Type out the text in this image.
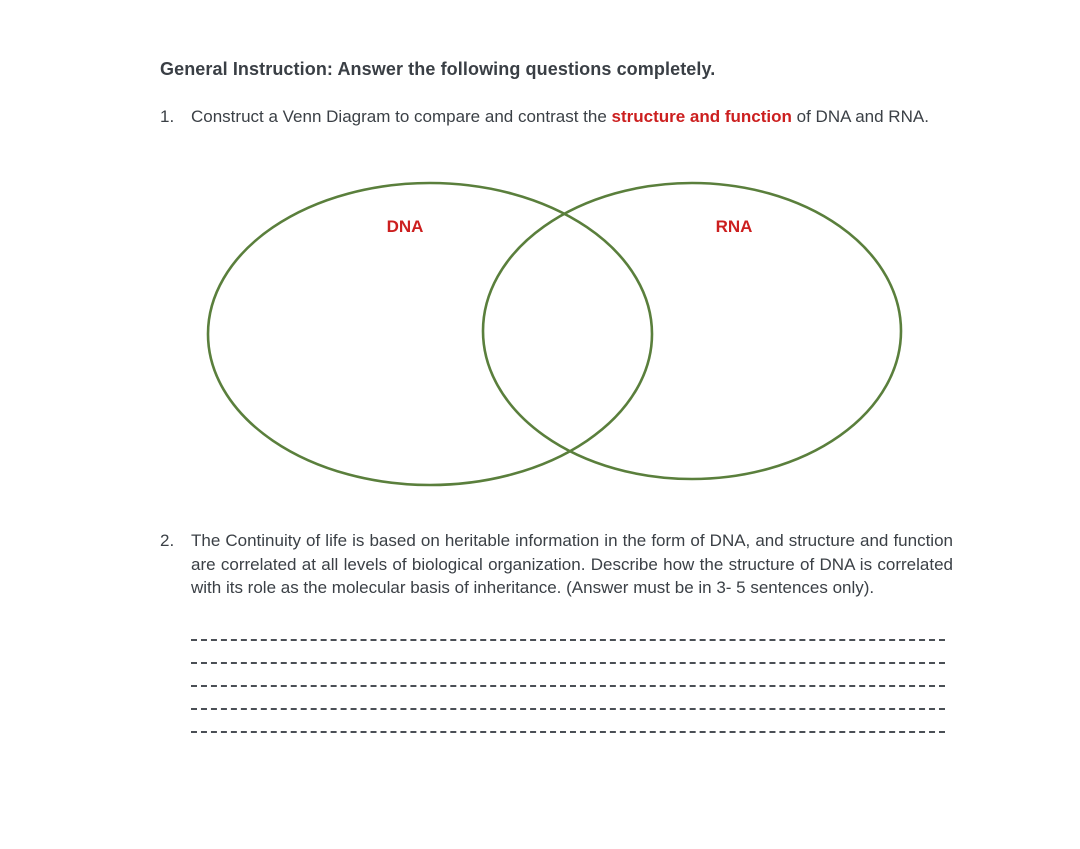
General Instruction: Answer the following questions completely.
1. Construct a Venn Diagram to compare and contrast the structure and function of DNA and RNA.
DNA	RNA
2. The Continuity of life is based on heritable information in the form of DNA, and structure and function are correlated at all levels of biological organization. Describe how the structure of DNA is correlated with its role as the molecular basis of inheritance. (Answer must be in 3- 5 sentences only).
